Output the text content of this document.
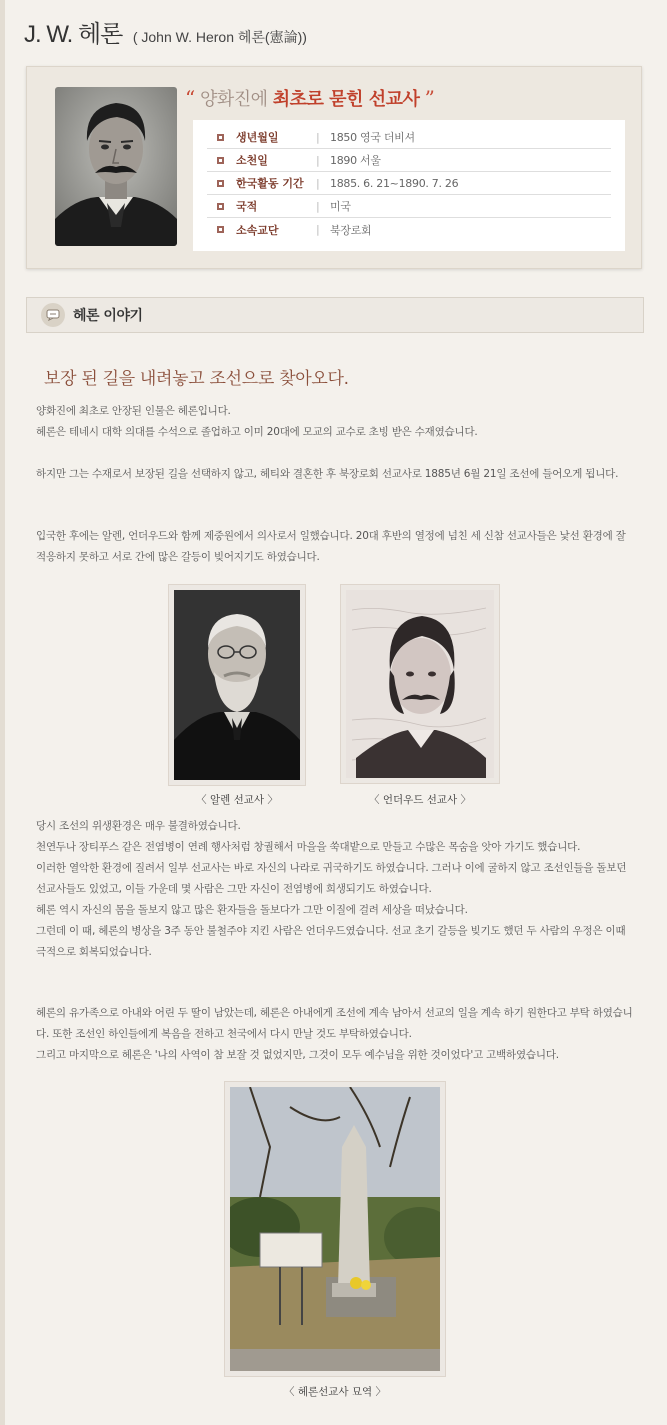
J. W. 헤론 ( John W. Heron 헤론(憲論))
“ 양화진에 최초로 묻힌 선교사 ”
생년월일	| 1850 영국 더비셔
소천일	| 1890 서울
한국활동 기간	| 1885. 6. 21~1890. 7. 26
국적	| 미국
소속교단	| 북장로회
헤론 이야기
보장 된 길을 내려놓고 조선으로 찾아오다.
양화진에 최초로 안장된 인물은 헤론입니다.
헤론은 테네시 대학 의대를 수석으로 졸업하고 이미 20대에 모교의 교수로 초빙 받은 수재였습니다.
하지만 그는 수재로서 보장된 길을 선택하지 않고, 헤티와 결혼한 후 북장로회 선교사로 1885년 6월 21일 조선에 들어오게 됩니다.
입국한 후에는 알렌, 언더우드와 함께 제중원에서 의사로서 일했습니다. 20대 후반의 열정에 넘친 세 신참 선교사들은 낯선 환경에 잘 적응하지 못하고 서로 간에 많은 갈등이 빚어지기도 하였습니다.
〈 알렌 선교사 〉	〈 언더우드 선교사 〉
당시 조선의 위생환경은 매우 불결하였습니다.
천연두나 장티푸스 같은 전염병이 연례 행사처럼 창궐해서 마을을 쑥대밭으로 만들고 수많은 목숨을 앗아 가기도 했습니다.
이러한 열악한 환경에 질려서 일부 선교사는 바로 자신의 나라로 귀국하기도 하였습니다. 그러나 이에 굴하지 않고 조선인들을 돌보던 선교사들도 있었고, 이들 가운데 몇 사람은 그만 자신이 전염병에 희생되기도 하였습니다.
헤론 역시 자신의 몸을 돌보지 않고 많은 환자들을 돌보다가 그만 이질에 걸려 세상을 떠났습니다.
그런데 이 때, 헤론의 병상을 3주 동안 불철주야 지킨 사람은 언더우드였습니다. 선교 초기 갈등을 빚기도 했던 두 사람의 우정은 이때 극적으로 회복되었습니다.
헤론의 유가족으로 아내와 어린 두 딸이 남았는데, 헤론은 아내에게 조선에 계속 남아서 선교의 일을 계속 하기 원한다고 부탁 하였습니다. 또한 조선인 하인들에게 복음을 전하고 천국에서 다시 만날 것도 부탁하였습니다.
그리고 마지막으로 헤론은 '나의 사역이 참 보잘 것 없었지만, 그것이 모두 예수님을 위한 것이었다'고 고백하였습니다.
〈 헤론선교사 묘역 〉
